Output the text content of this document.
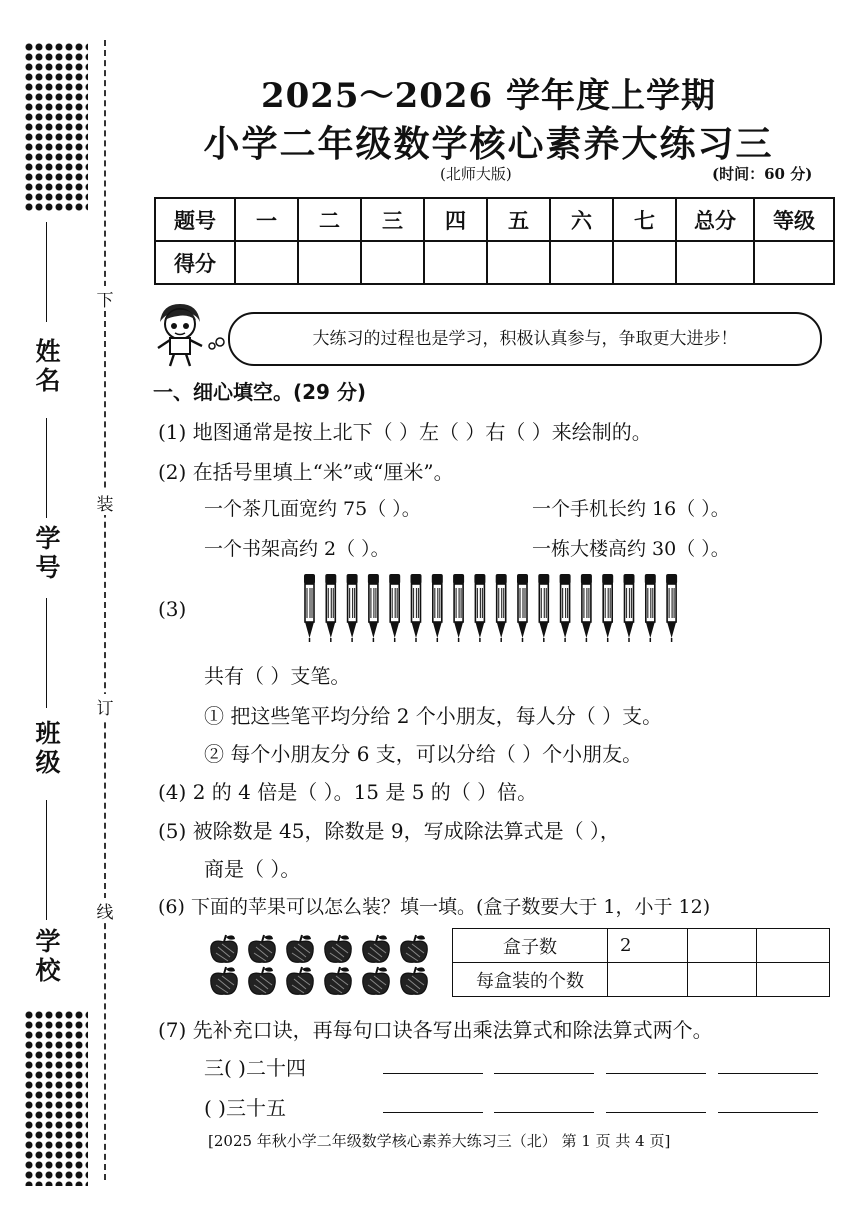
姓名
学号
班级
学校
下
装
订
线
2025～2026 学年度上学期
小学二年级数学核心素养大练习三
(北师大版)	(时间：60 分)
题号	一	二	三	四	五	六	七	总分	等级
得分									
大练习的过程也是学习，积极认真参与，争取更大进步！
一、细心填空。(29 分)
(1) 地图通常是按上北下（ ）左（ ）右（ ）来绘制的。
(2) 在括号里填上“米”或“厘米”。
一个茶几面宽约 75（ ）。	一个手机长约 16（ ）。
一个书架高约 2（ ）。	一栋大楼高约 30（ ）。
(3)
共有（ ）支笔。
① 把这些笔平均分给 2 个小朋友，每人分（ ）支。
② 每个小朋友分 6 支，可以分给（ ）个小朋友。
(4) 2 的 4 倍是（ ）。15 是 5 的（ ）倍。
(5) 被除数是 45，除数是 9，写成除法算式是（ ），
商是（ ）。
(6) 下面的苹果可以怎么装？填一填。(盒子数要大于 1，小于 12)
盒子数	2		
每盒装的个数			
(7) 先补充口诀，再每句口诀各写出乘法算式和除法算式两个。
三( )二十四
( )三十五
[2025 年秋小学二年级数学核心素养大练习三（北） 第 1 页 共 4 页]
